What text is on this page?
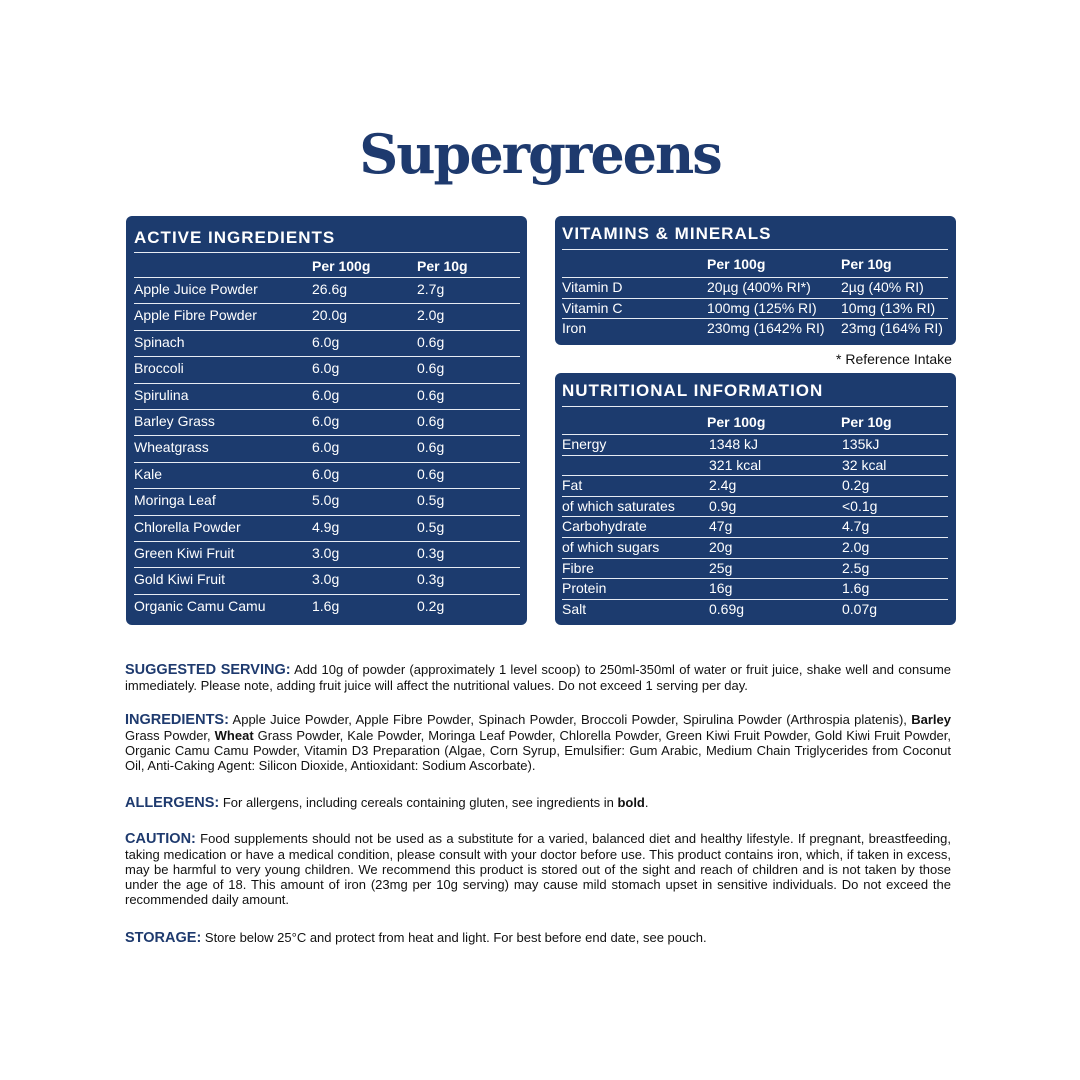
Supergreens
ACTIVE INGREDIENTS
Per 100g	Per 10g
Apple Juice Powder	26.6g	2.7g
Apple Fibre Powder	20.0g	2.0g
Spinach	6.0g	0.6g
Broccoli	6.0g	0.6g
Spirulina	6.0g	0.6g
Barley Grass	6.0g	0.6g
Wheatgrass	6.0g	0.6g
Kale	6.0g	0.6g
Moringa Leaf	5.0g	0.5g
Chlorella Powder	4.9g	0.5g
Green Kiwi Fruit	3.0g	0.3g
Gold Kiwi Fruit	3.0g	0.3g
Organic Camu Camu	1.6g	0.2g
VITAMINS & MINERALS
Per 100g	Per 10g
Vitamin D	20µg (400% RI*) 2µg (40% RI)
Vitamin C	100mg (125% RI) 10mg (13% RI)
Iron	230mg (1642% RI) 23mg (164% RI)
* Reference Intake
NUTRITIONAL INFORMATION
Per 100g	Per 10g
Energy	1348 kJ	135kJ
321 kcal	32 kcal
Fat	2.4g	0.2g
of which saturates 0.9g	<0.1g
Carbohydrate	47g	4.7g
of which sugars	20g	2.0g
Fibre	25g	2.5g
Protein	16g	1.6g
Salt	0.69g	0.07g
SUGGESTED SERVING: Add 10g of powder (approximately 1 level scoop) to 250ml-350ml of water or fruit juice, shake well and consume immediately. Please note, adding fruit juice will affect the nutritional values. Do not exceed 1 serving per day.
INGREDIENTS: Apple Juice Powder, Apple Fibre Powder, Spinach Powder, Broccoli Powder, Spirulina Powder (Arthrospia platenis), Barley Grass Powder, Wheat Grass Powder, Kale Powder, Moringa Leaf Powder, Chlorella Powder, Green Kiwi Fruit Powder, Gold Kiwi Fruit Powder, Organic Camu Camu Powder, Vitamin D3 Preparation (Algae, Corn Syrup, Emulsifier: Gum Arabic, Medium Chain Triglycerides from Coconut Oil, Anti-Caking Agent: Silicon Dioxide, Antioxidant: Sodium Ascorbate).
ALLERGENS: For allergens, including cereals containing gluten, see ingredients in bold.
CAUTION: Food supplements should not be used as a substitute for a varied, balanced diet and healthy lifestyle. If pregnant, breastfeeding, taking medication or have a medical condition, please consult with your doctor before use. This product contains iron, which, if taken in excess, may be harmful to very young children. We recommend this product is stored out of the sight and reach of children and is not taken by those under the age of 18. This amount of iron (23mg per 10g serving) may cause mild stomach upset in sensitive individuals. Do not exceed the recommended daily amount.
STORAGE: Store below 25°C and protect from heat and light. For best before end date, see pouch.
